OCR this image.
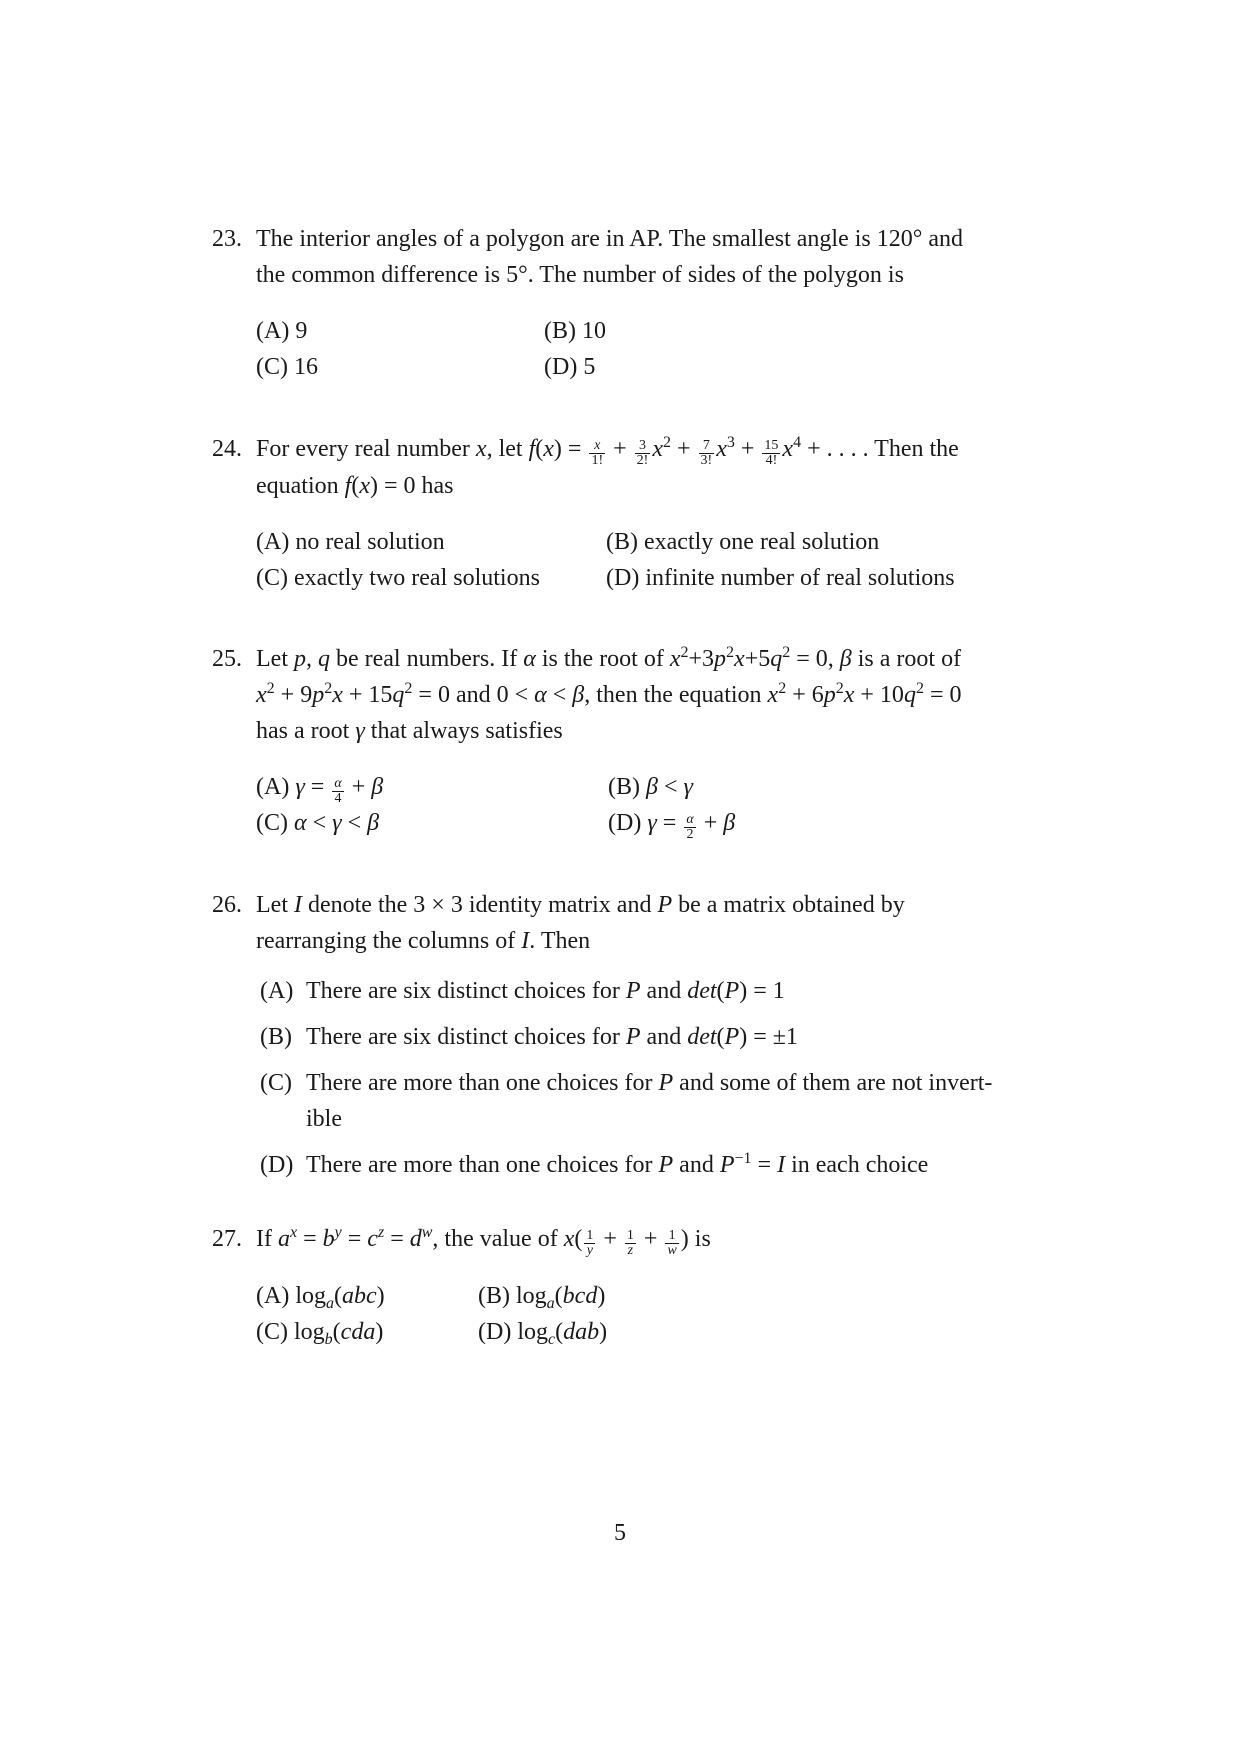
23. The interior angles of a polygon are in AP. The smallest angle is 120° and
the common difference is 5°. The number of sides of the polygon is
(A) 9	(B) 10
(C) 16	(D) 5
24. For every real number x, let $f(x) = \frac{x}{1!} + \frac{3}{2!} x^2 + \frac{7}{3!} x^3 + \frac{15}{4!} x^4$ + . . . . Then the
equation f(x) = 0 has
(A) no real solution	(B) exactly one real solution
(C) exactly two real solutions	(D) infinite number of real solutions
25. Let p, q be real numbers. If α is the root of $x^2+3p^2x+5q^2 = 0$, β is a root of
$x^2 + 9p^2x + 15q^2 = 0$ and 0 < α < β, then the equation $x^2 + 6p^2x + 10q^2 = 0$
has a root γ that always satisfies
(A) $\gamma = \frac{\alpha}{4} + \beta$	(B) β < γ
(C) α < γ < β	(D) $\gamma = \frac{\alpha}{2} + \beta$
26. Let I denote the 3 × 3 identity matrix and P be a matrix obtained by
rearranging the columns of I. Then
(A) There are six distinct choices for P and det(P) = 1
(B) There are six distinct choices for P and det(P) = ±1
(C) There are more than one choices for P and some of them are not invert-
ible
(D) There are more than one choices for P and $P^{-1} = I$ in each choice
27. If $a^x = b^y = c^z = d^w$, the value of $x( \frac{1}{y} + \frac{1}{z} + \frac{1}{w}$ ) is
(A) $\log_a(abc)$	(B) $\log_a(bcd)$
(C) $\log_b(cda)$	(D) $\log_c(dab)$
5
